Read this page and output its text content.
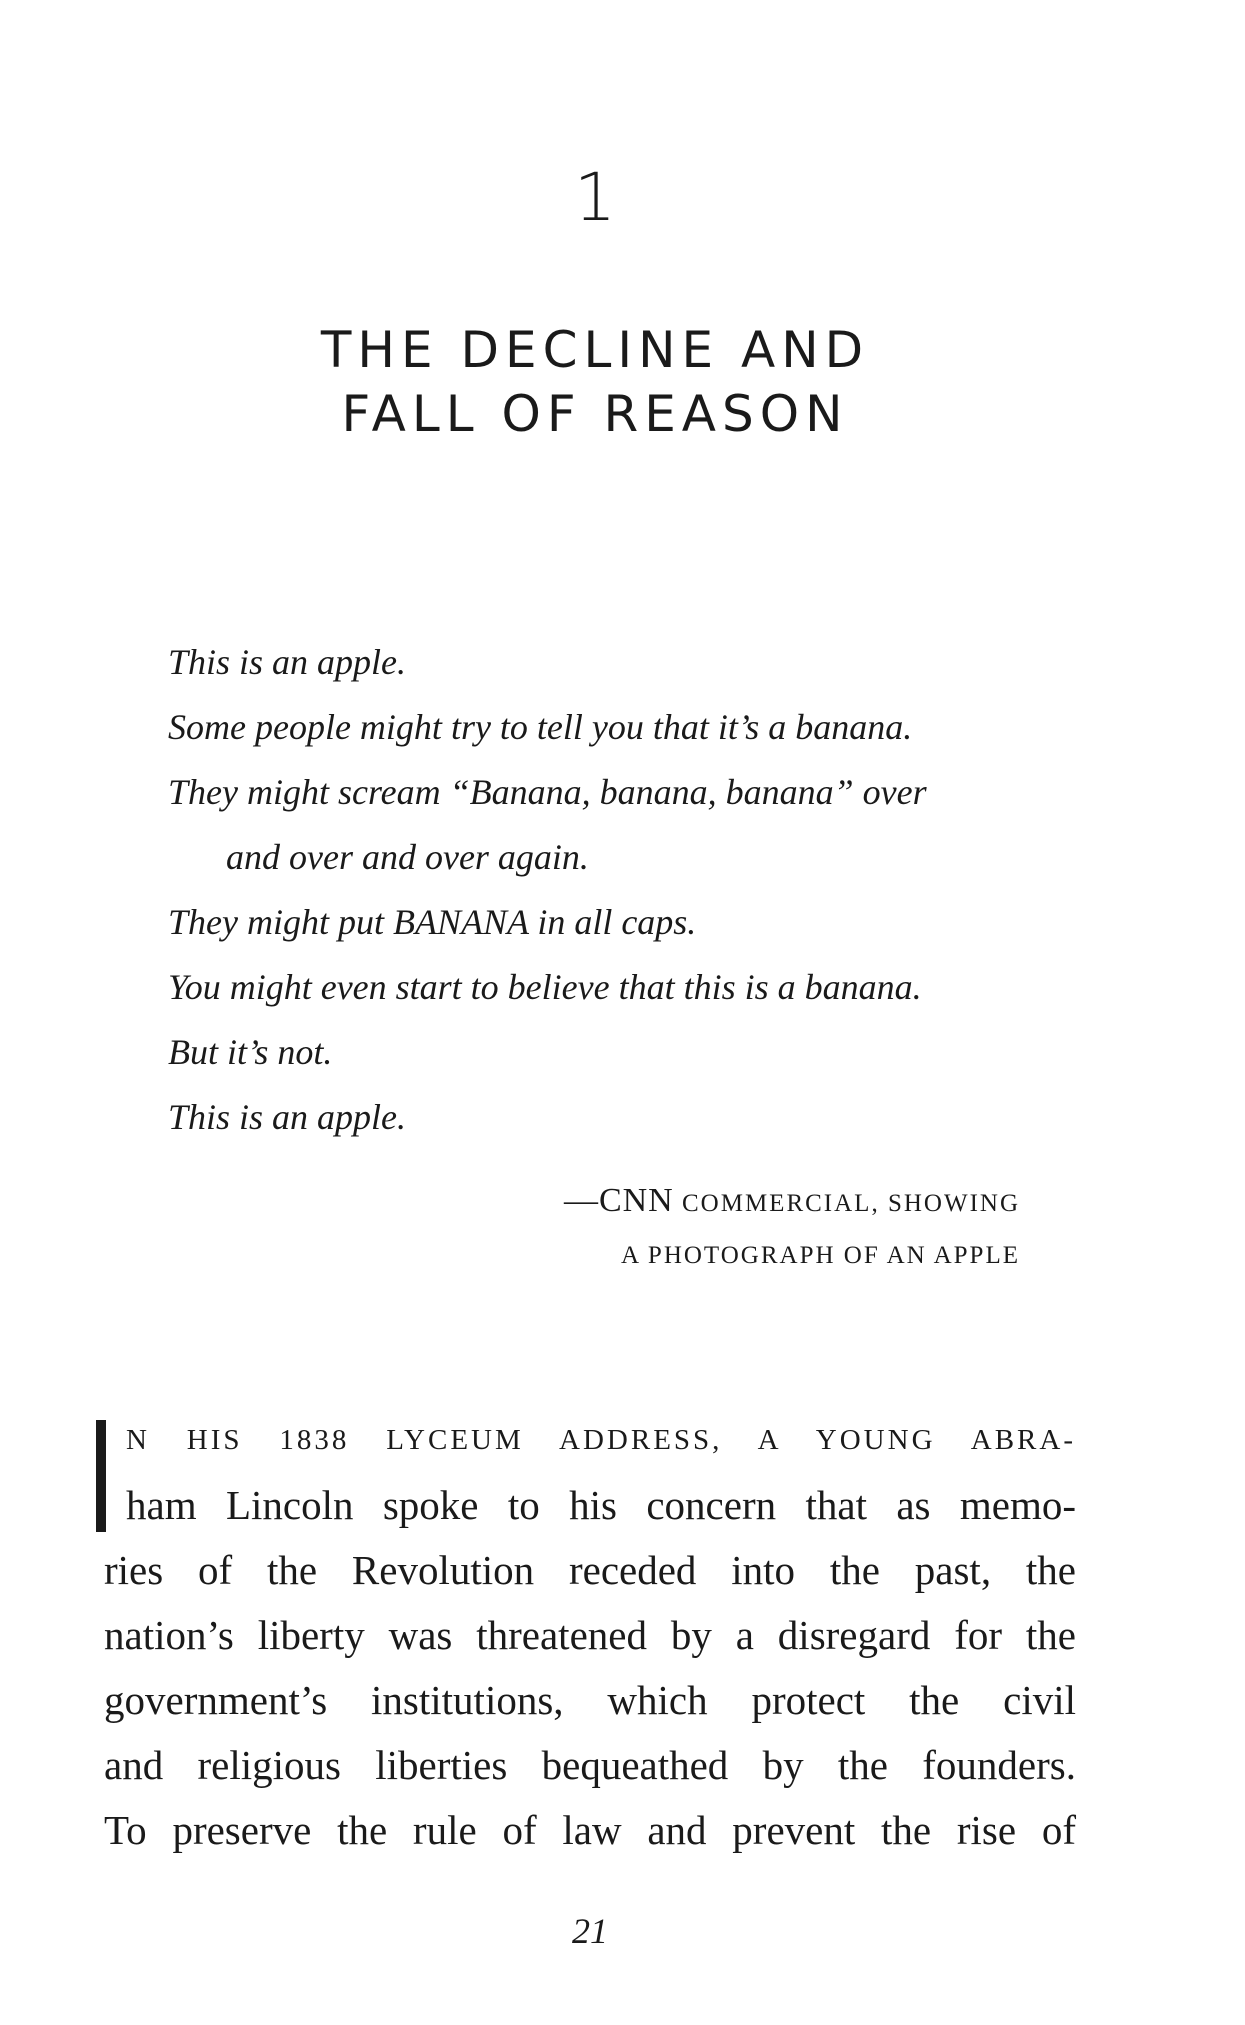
1
THE DECLINE AND
FALL OF REASON
This is an apple.
Some people might try to tell you that it’s a banana.
They might scream “Banana, banana, banana” over
and over and over again.
They might put BANANA in all caps.
You might even start to believe that this is a banana.
But it’s not.
This is an apple.
—CNN COMMERCIAL, SHOWING
A PHOTOGRAPH OF AN APPLE
N HIS 1838 LYCEUM ADDRESS, A YOUNG ABRA-
ham Lincoln spoke to his concern that as memo-
ries of the Revolution receded into the past, the
nation’s liberty was threatened by a disregard for the
government’s institutions, which protect the civil
and religious liberties bequeathed by the founders.
To preserve the rule of law and prevent the rise of
21
